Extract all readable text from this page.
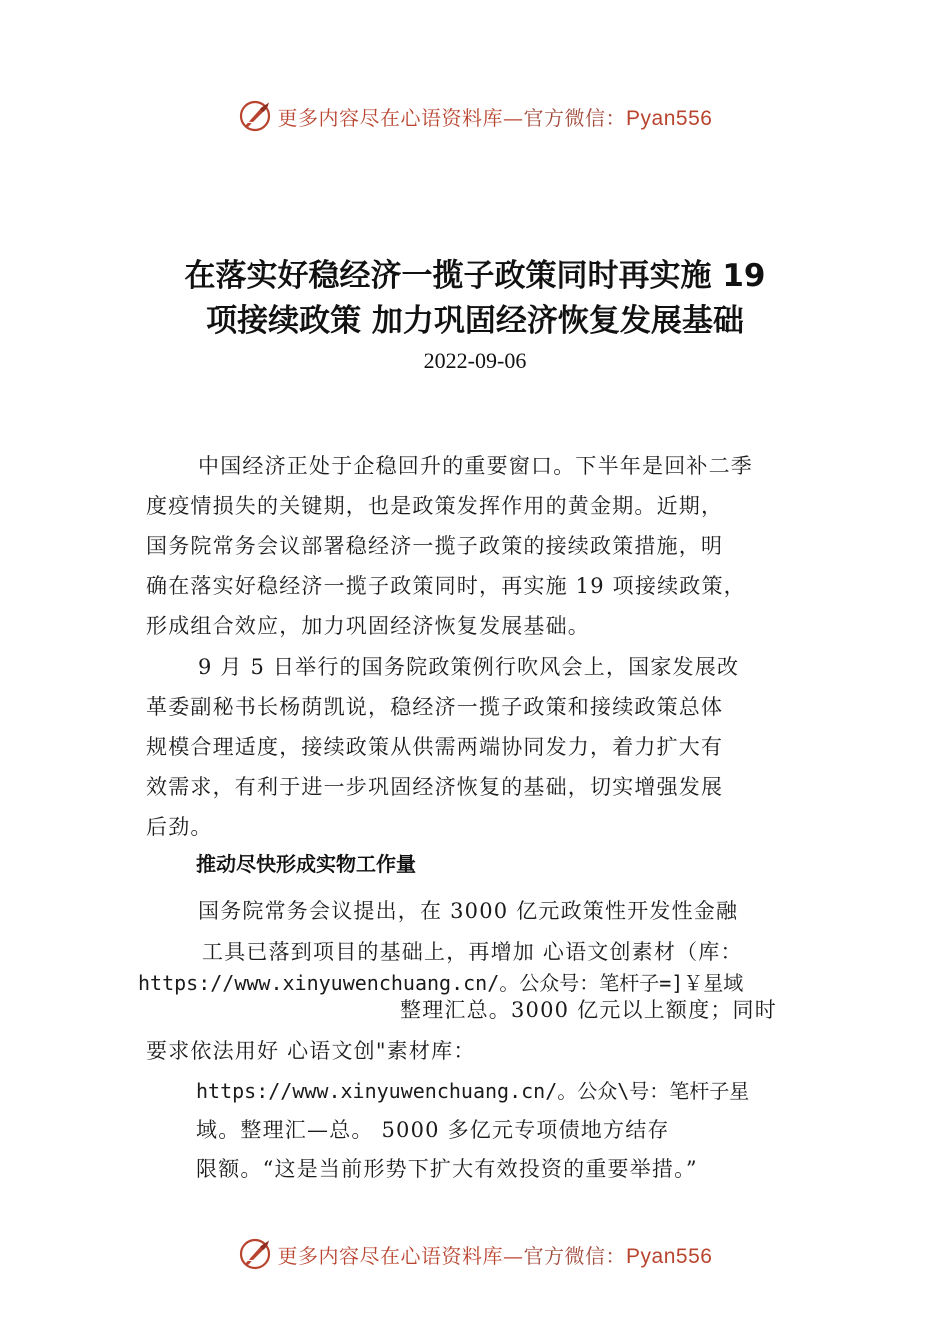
更多内容尽在心语资料库—官方微信：Pyan556
在落实好稳经济一揽子政策同时再实施 19
项接续政策 加力巩固经济恢复发展基础
2022-09-06
中国经济正处于企稳回升的重要窗口。下半年是回补二季
度疫情损失的关键期，也是政策发挥作用的黄金期。近期，
国务院常务会议部署稳经济一揽子政策的接续政策措施，明
确在落实好稳经济一揽子政策同时，再实施 19 项接续政策，
形成组合效应，加力巩固经济恢复发展基础。
9 月 5 日举行的国务院政策例行吹风会上，国家发展改
革委副秘书长杨荫凯说，稳经济一揽子政策和接续政策总体
规模合理适度，接续政策从供需两端协同发力，着力扩大有
效需求，有利于进一步巩固经济恢复的基础，切实增强发展
后劲。
推动尽快形成实物工作量
国务院常务会议提出，在 3000 亿元政策性开发性金融
工具已落到项目的基础上，再增加 心语文创素材（库：
https://www.xinyuwenchuang.cn/。公众号：笔杆子=]￥星域
整理汇总。3000 亿元以上额度；同时
要求依法用好 心语文创"素材库：
https://www.xinyuwenchuang.cn/。公众\号：笔杆子星
域。整理汇—总。 5000 多亿元专项债地方结存
限额。“这是当前形势下扩大有效投资的重要举措。”
更多内容尽在心语资料库—官方微信：Pyan556
